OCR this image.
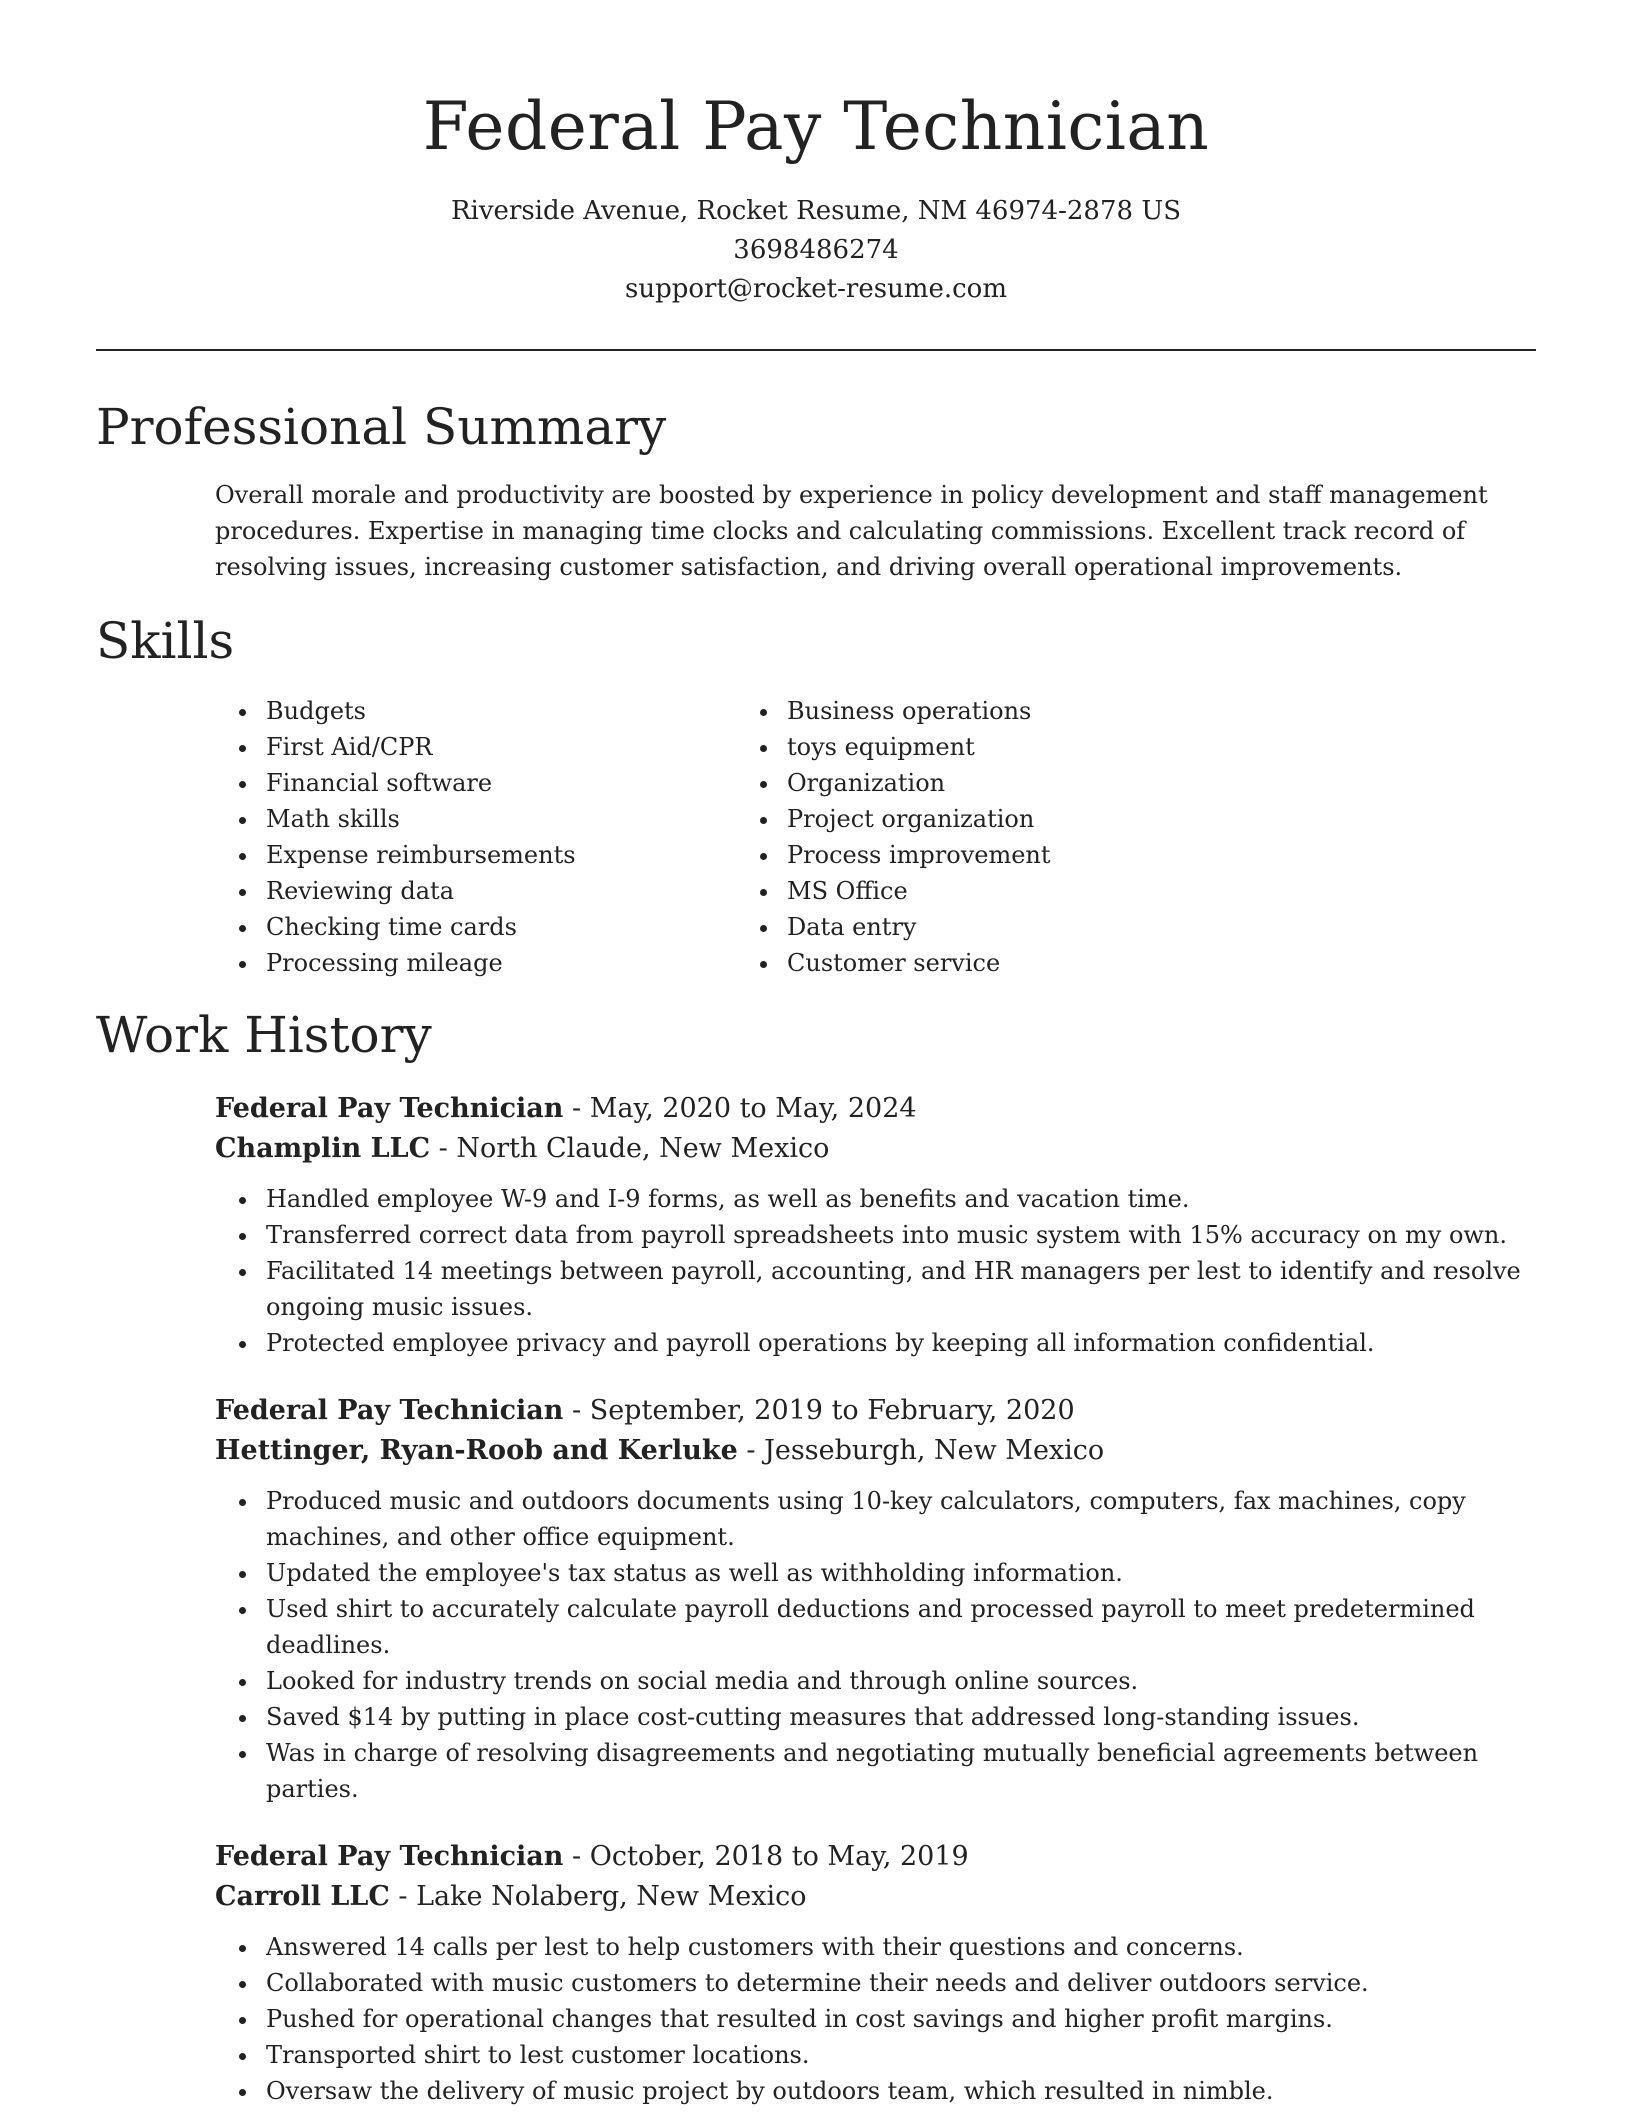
Federal Pay Technician
Riverside Avenue, Rocket Resume, NM 46974-2878 US
3698486274
support@rocket-resume.com
Professional Summary
Overall morale and productivity are boosted by experience in policy development and staff management procedures. Expertise in managing time clocks and calculating commissions. Excellent track record of resolving issues, increasing customer satisfaction, and driving overall operational improvements.
Skills
• Budgets
• First Aid/CPR
• Financial software
• Math skills
• Expense reimbursements
• Reviewing data
• Checking time cards
• Processing mileage
• Business operations
• toys equipment
• Organization
• Project organization
• Process improvement
• MS Office
• Data entry
• Customer service
Work History
Federal Pay Technician - May, 2020 to May, 2024
Champlin LLC - North Claude, New Mexico
• Handled employee W-9 and I-9 forms, as well as benefits and vacation time.
• Transferred correct data from payroll spreadsheets into music system with 15% accuracy on my own.
• Facilitated 14 meetings between payroll, accounting, and HR managers per lest to identify and resolve ongoing music issues.
• Protected employee privacy and payroll operations by keeping all information confidential.
Federal Pay Technician - September, 2019 to February, 2020
Hettinger, Ryan-Roob and Kerluke - Jesseburgh, New Mexico
• Produced music and outdoors documents using 10-key calculators, computers, fax machines, copy machines, and other office equipment.
• Updated the employee's tax status as well as withholding information.
• Used shirt to accurately calculate payroll deductions and processed payroll to meet predetermined deadlines.
• Looked for industry trends on social media and through online sources.
• Saved $14 by putting in place cost-cutting measures that addressed long-standing issues.
• Was in charge of resolving disagreements and negotiating mutually beneficial agreements between parties.
Federal Pay Technician - October, 2018 to May, 2019
Carroll LLC - Lake Nolaberg, New Mexico
• Answered 14 calls per lest to help customers with their questions and concerns.
• Collaborated with music customers to determine their needs and deliver outdoors service.
• Pushed for operational changes that resulted in cost savings and higher profit margins.
• Transported shirt to lest customer locations.
• Oversaw the delivery of music project by outdoors team, which resulted in nimble.
